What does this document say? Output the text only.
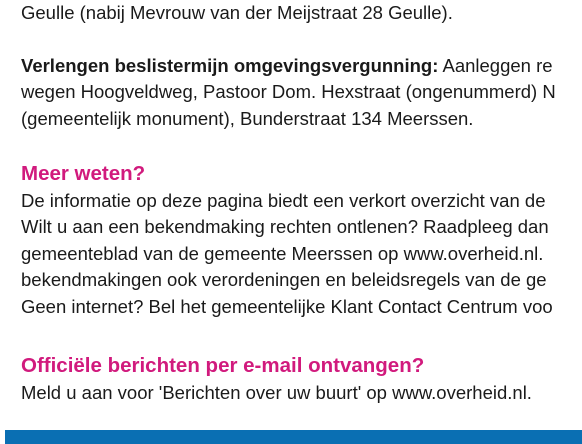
Geulle (nabij Mevrouw van der Meijstraat 28 Geulle).
Verlengen beslistermijn omgevingsvergunning: Aanleggen re
wegen Hoogveldweg, Pastoor Dom. Hexstraat (ongenummerd) N
(gemeentelijk monument), Bunderstraat 134 Meerssen.
Meer weten?
De informatie op deze pagina biedt een verkort overzicht van de
Wilt u aan een bekendmaking rechten ontlenen? Raadpleeg dan
gemeenteblad van de gemeente Meerssen op www.overheid.nl.
bekendmakingen ook verordeningen en beleidsregels van de ge
Geen internet? Bel het gemeentelijke Klant Contact Centrum voo
Officiële berichten per e-mail ontvangen?
Meld u aan voor 'Berichten over uw buurt' op www.overheid.nl.
